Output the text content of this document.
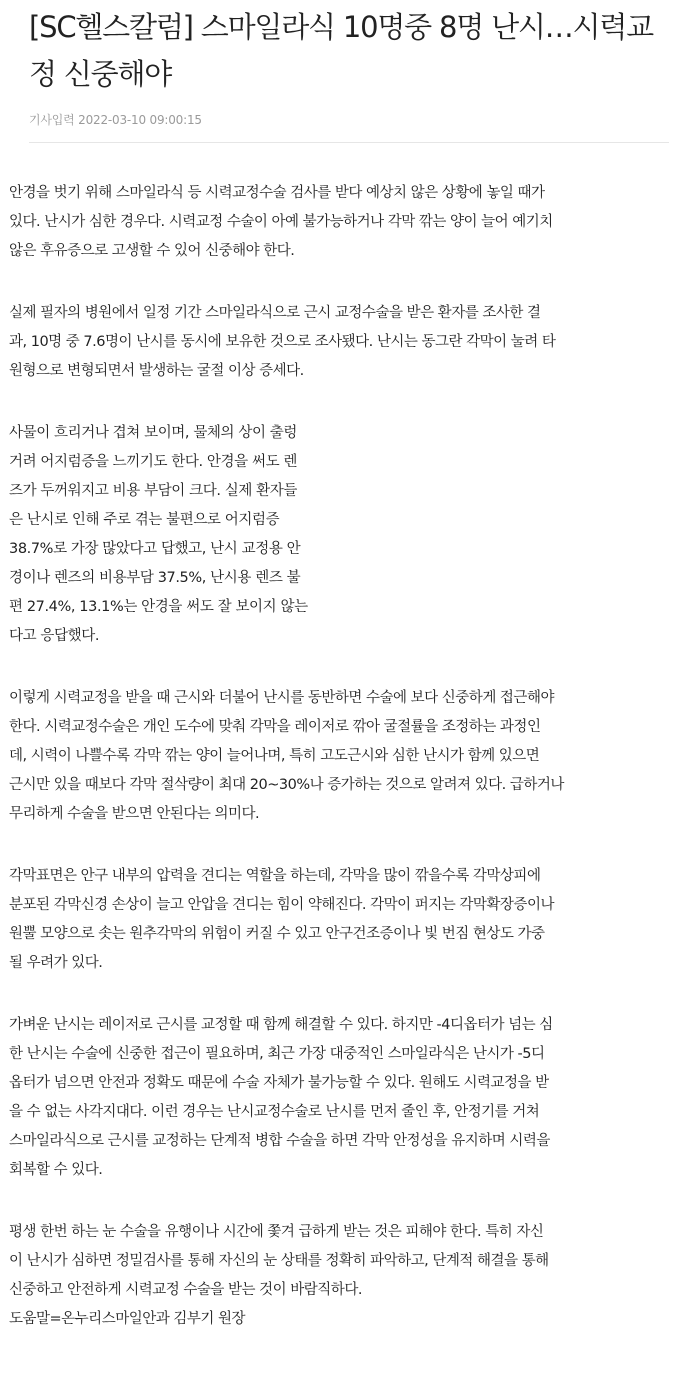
[SC헬스칼럼] 스마일라식 10명중 8명 난시…시력교
정 신중해야
기사입력 2022-03-10 09:00:15

안경을 벗기 위해 스마일라식 등 시력교정수술 검사를 받다 예상치 않은 상황에 놓일 때가
있다. 난시가 심한 경우다. 시력교정 수술이 아예 불가능하거나 각막 깎는 양이 늘어 예기치
않은 후유증으로 고생할 수 있어 신중해야 한다.

실제 필자의 병원에서 일정 기간 스마일라식으로 근시 교정수술을 받은 환자를 조사한 결
과, 10명 중 7.6명이 난시를 동시에 보유한 것으로 조사됐다. 난시는 동그란 각막이 눌려 타
원형으로 변형되면서 발생하는 굴절 이상 증세다.

사물이 흐리거나 겹쳐 보이며, 물체의 상이 출렁
거려 어지럼증을 느끼기도 한다. 안경을 써도 렌
즈가 두꺼워지고 비용 부담이 크다. 실제 환자들
은 난시로 인해 주로 겪는 불편으로 어지럼증
38.7%로 가장 많았다고 답했고, 난시 교정용 안
경이나 렌즈의 비용부담 37.5%, 난시용 렌즈 불
편 27.4%, 13.1%는 안경을 써도 잘 보이지 않는
다고 응답했다.

이렇게 시력교정을 받을 때 근시와 더불어 난시를 동반하면 수술에 보다 신중하게 접근해야
한다. 시력교정수술은 개인 도수에 맞춰 각막을 레이저로 깎아 굴절률을 조정하는 과정인
데, 시력이 나쁠수록 각막 깎는 양이 늘어나며, 특히 고도근시와 심한 난시가 함께 있으면
근시만 있을 때보다 각막 절삭량이 최대 20~30%나 증가하는 것으로 알려져 있다. 급하거나
무리하게 수술을 받으면 안된다는 의미다.

각막표면은 안구 내부의 압력을 견디는 역할을 하는데, 각막을 많이 깎을수록 각막상피에
분포된 각막신경 손상이 늘고 안압을 견디는 힘이 약해진다. 각막이 퍼지는 각막확장증이나
원뿔 모양으로 솟는 원추각막의 위험이 커질 수 있고 안구건조증이나 빛 번짐 현상도 가중
될 우려가 있다.

가벼운 난시는 레이저로 근시를 교정할 때 함께 해결할 수 있다. 하지만 -4디옵터가 넘는 심
한 난시는 수술에 신중한 접근이 필요하며, 최근 가장 대중적인 스마일라식은 난시가 -5디
옵터가 넘으면 안전과 정확도 때문에 수술 자체가 불가능할 수 있다. 원해도 시력교정을 받
을 수 없는 사각지대다. 이런 경우는 난시교정수술로 난시를 먼저 줄인 후, 안정기를 거쳐
스마일라식으로 근시를 교정하는 단계적 병합 수술을 하면 각막 안정성을 유지하며 시력을
회복할 수 있다.

평생 한번 하는 눈 수술을 유행이나 시간에 쫓겨 급하게 받는 것은 피해야 한다. 특히 자신
이 난시가 심하면 정밀검사를 통해 자신의 눈 상태를 정확히 파악하고, 단계적 해결을 통해
신중하고 안전하게 시력교정 수술을 받는 것이 바람직하다.

도움말=온누리스마일안과 김부기 원장
